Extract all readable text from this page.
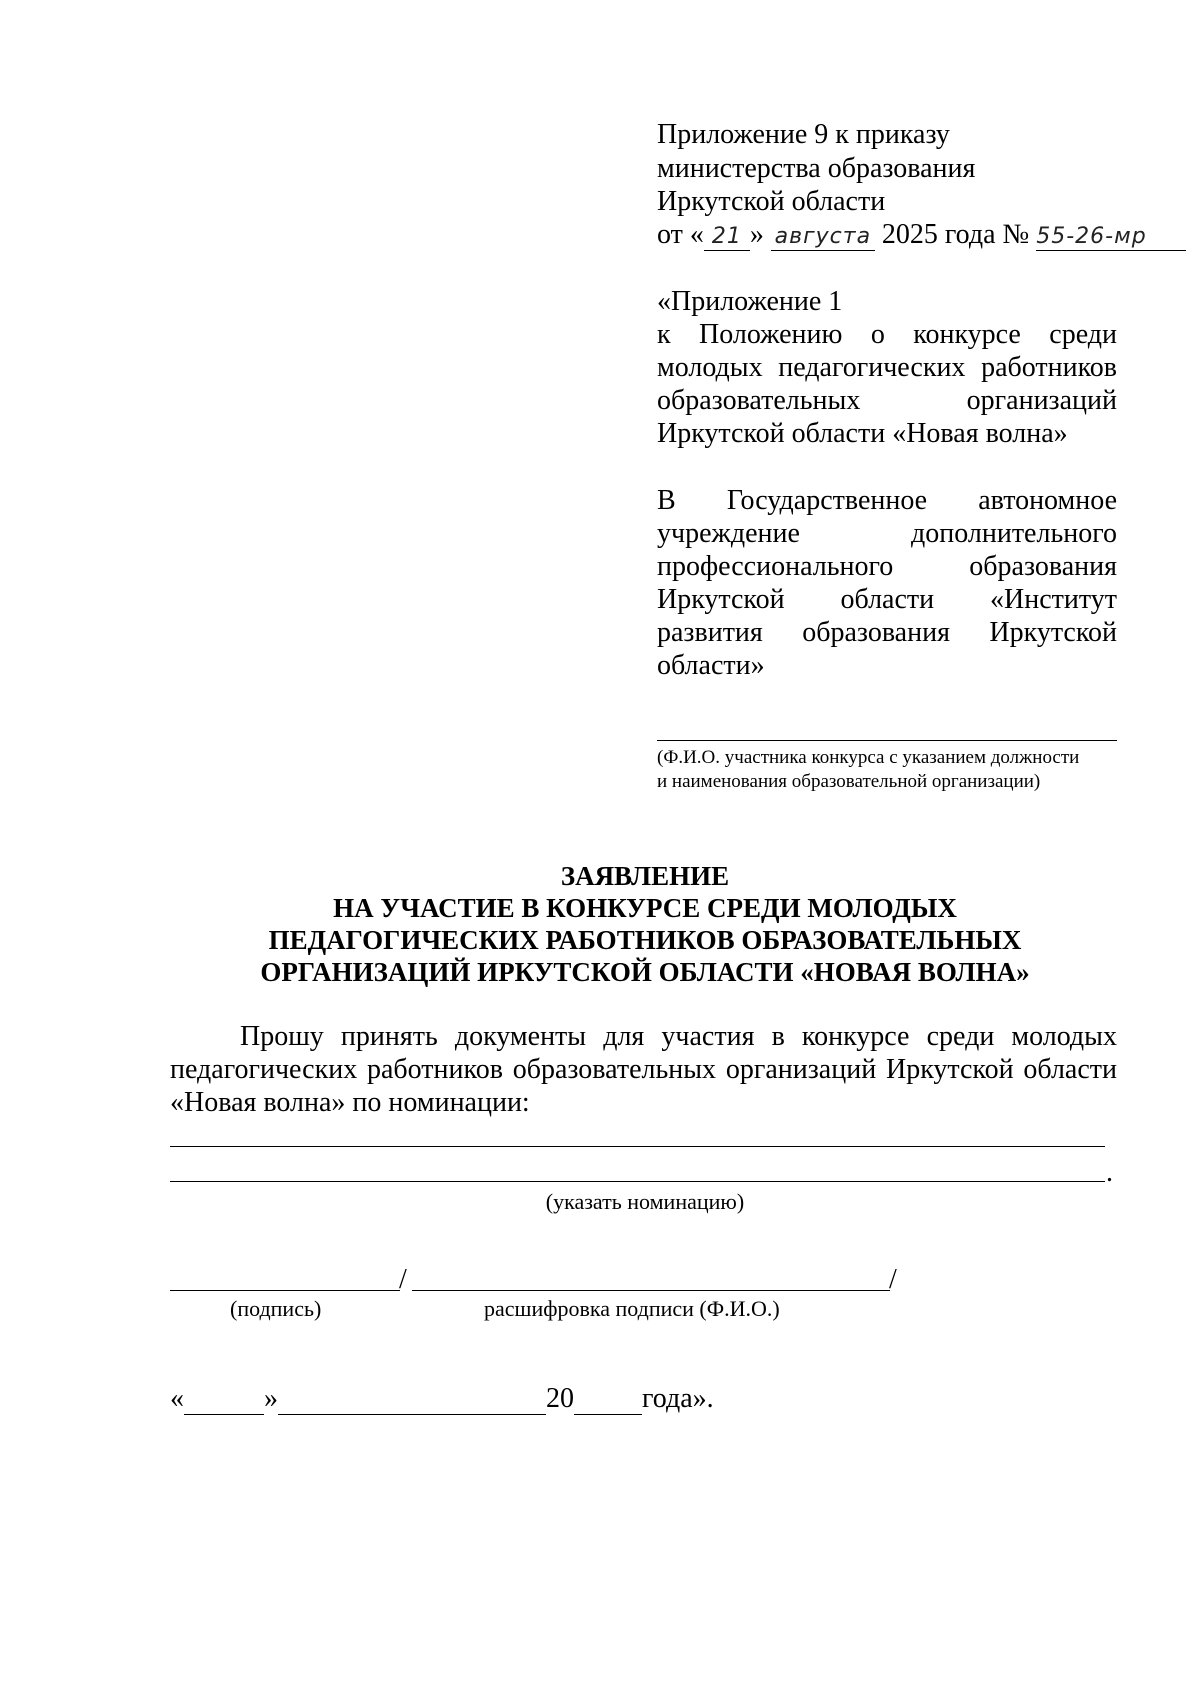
Приложение 9 к приказу
министерства образования
Иркутской области
от « 21 » августа 2025 года № 55-26-мр
«Приложение 1
к Положению о конкурсе среди
молодых педагогических работников
образовательных организаций
Иркутской области «Новая волна»
В Государственное автономное
учреждение дополнительного
профессионального образования
Иркутской области «Институт
развития образования Иркутской
области»
(Ф.И.О. участника конкурса с указанием должности
и наименования образовательной организации)
ЗАЯВЛЕНИЕ
НА УЧАСТИЕ В КОНКУРСЕ СРЕДИ МОЛОДЫХ
ПЕДАГОГИЧЕСКИХ РАБОТНИКОВ ОБРАЗОВАТЕЛЬНЫХ
ОРГАНИЗАЦИЙ ИРКУТСКОЙ ОБЛАСТИ «НОВАЯ ВОЛНА»
Прошу принять документы для участия в конкурсе среди молодых
педагогических работников образовательных организаций Иркутской области
«Новая волна» по номинации:
.
(указать номинацию)
/	/
(подпись)	расшифровка подписи (Ф.И.О.)
«	»	20 года».
